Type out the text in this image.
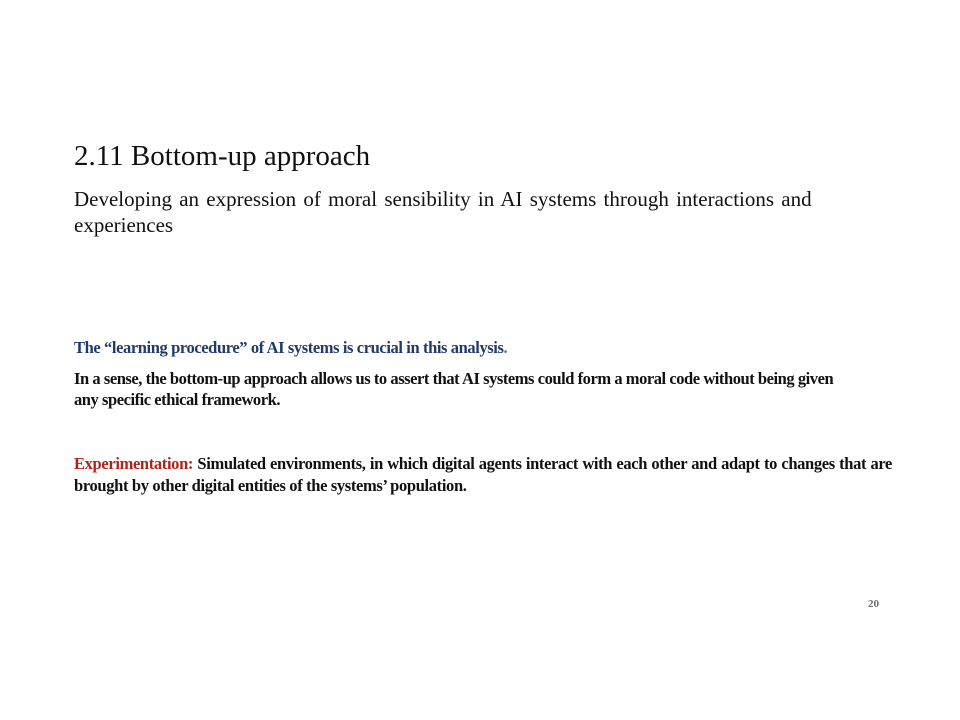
2.11 Bottom-up approach
Developing an expression of moral sensibility in AI systems through interactions and experiences
The “learning procedure” of AI systems is crucial in this analysis.
In a sense, the bottom-up approach allows us to assert that AI systems could form a moral code without being given any specific ethical framework.
Experimentation: Simulated environments, in which digital agents interact with each other and adapt to changes that are brought by other digital entities of the systems’ population.
20
